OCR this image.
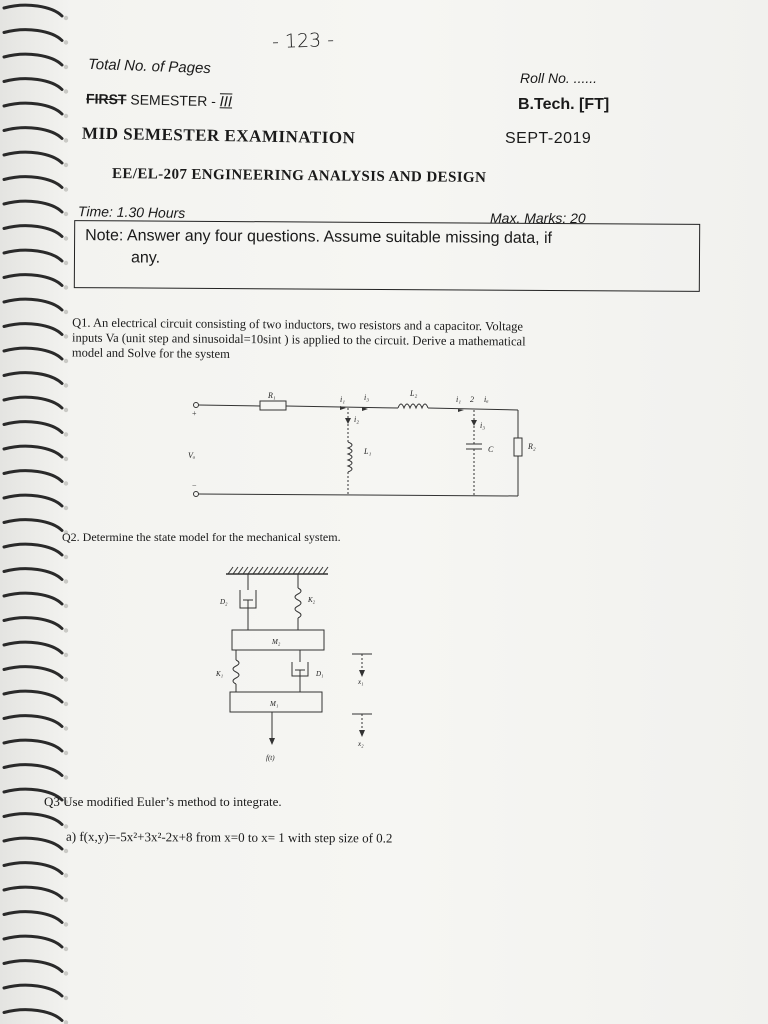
- 123 -
Total No. of Pages
Roll No. ......
FIRST SEMESTER - III	B.Tech. [FT]
MID SEMESTER EXAMINATION	SEPT-2019
EE/EL-207 ENGINEERING ANALYSIS AND DESIGN
Time: 1.30 Hours	Max. Marks: 20
Note: Answer any four questions. Assume suitable missing data, if
any.
Q1. An electrical circuit consisting of two inductors, two resistors and a capacitor. Voltage
inputs Va (unit step and sinusoidal=10sint ) is applied to the circuit. Derive a mathematical
model and Solve for the system
+
−
R₁	L₂
i₁ i₃
i₂
L₁
i₁ 2 iₐ
i₃
C	R₂
Vₐ
Q2. Determine the state model for the mechanical system.
D₂	K₂
M₂
K₁	D₁
M₁
f(t)
x₁
x₂
Q3 Use modified Euler’s method to integrate.
a) f(x,y)=-5x²+3x²-2x+8 from x=0 to x= 1 with step size of 0.2
